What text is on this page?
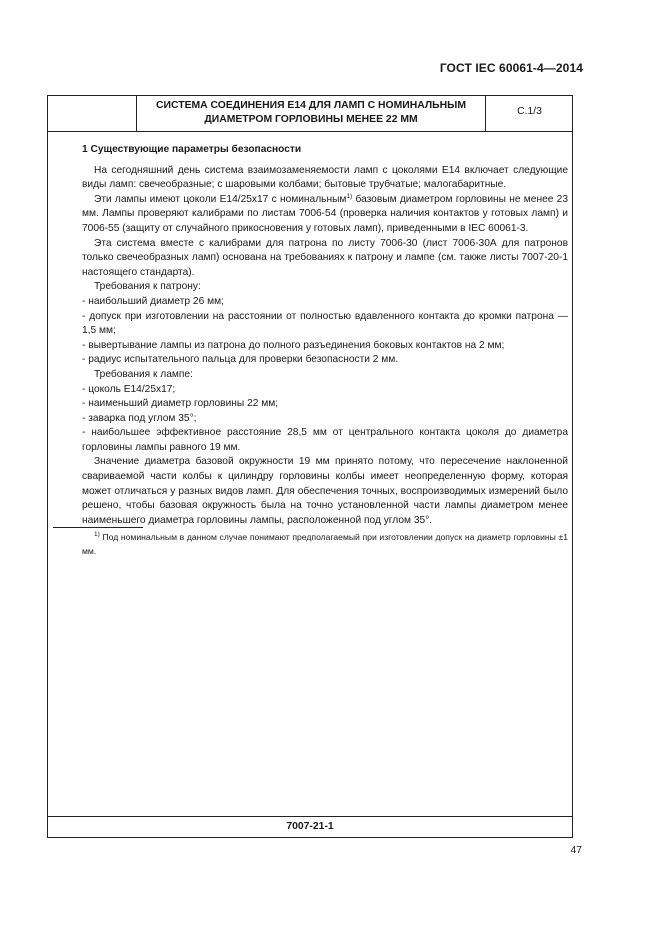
ГОСТ IEC 60061-4—2014
СИСТЕМА СОЕДИНЕНИЯ Е14 ДЛЯ ЛАМП С НОМИНАЛЬНЫМ
ДИАМЕТРОМ ГОРЛОВИНЫ МЕНЕЕ 22 ММ
С.1/3

1 Существующие параметры безопасности

На сегодняшний день система взаимозаменяемости ламп с цоколями Е14 включает следующие виды ламп: свечеобразные; с шаровыми колбами; бытовые трубчатые; малогабаритные.

Эти лампы имеют цоколи Е14/25х17 с номинальным$^{1)}$ базовым диаметром горловины не менее 23 мм. Лампы проверяют калибрами по листам 7006-54 (проверка наличия контактов у готовых ламп) и 7006-55 (защиту от случайного прикосновения у готовых ламп), приведенными в IEC 60061-3.

Эта система вместе с калибрами для патрона по листу 7006-30 (лист 7006-30А для патронов только свечеобразных ламп) основана на требованиях к патрону и лампе (см. также листы 7007-20-1 настоящего стандарта).

Требования к патрону:

- наибольший диаметр 26 мм;

- допуск при изготовлении на расстоянии от полностью вдавленного контакта до кромки патрона — 1,5 мм;

- вывертывание лампы из патрона до полного разъединения боковых контактов на 2 мм;

- радиус испытательного пальца для проверки безопасности 2 мм.

Требования к лампе:

- цоколь Е14/25х17;

- наименьший диаметр горловины 22 мм;

- заварка под углом 35°;

- наибольшее эффективное расстояние 28,5 мм от центрального контакта цоколя до диаметра горловины лампы равного 19 мм.

Значение диаметра базовой окружности 19 мм принято потому, что пересечение наклоненной свариваемой части колбы к цилиндру горловины колбы имеет неопределенную форму, которая может отличаться у разных видов ламп. Для обеспечения точных, воспроизводимых измерений было решено, чтобы базовая окружность была на точно установленной части лампы диаметром менее наименьшего диаметра горловины лампы, расположенной под углом 35°.

$^{1)}$ Под номинальным в данном случае понимают предполагаемый при изготовлении допуск на диаметр горловины ±1 мм.

7007-21-1
47
